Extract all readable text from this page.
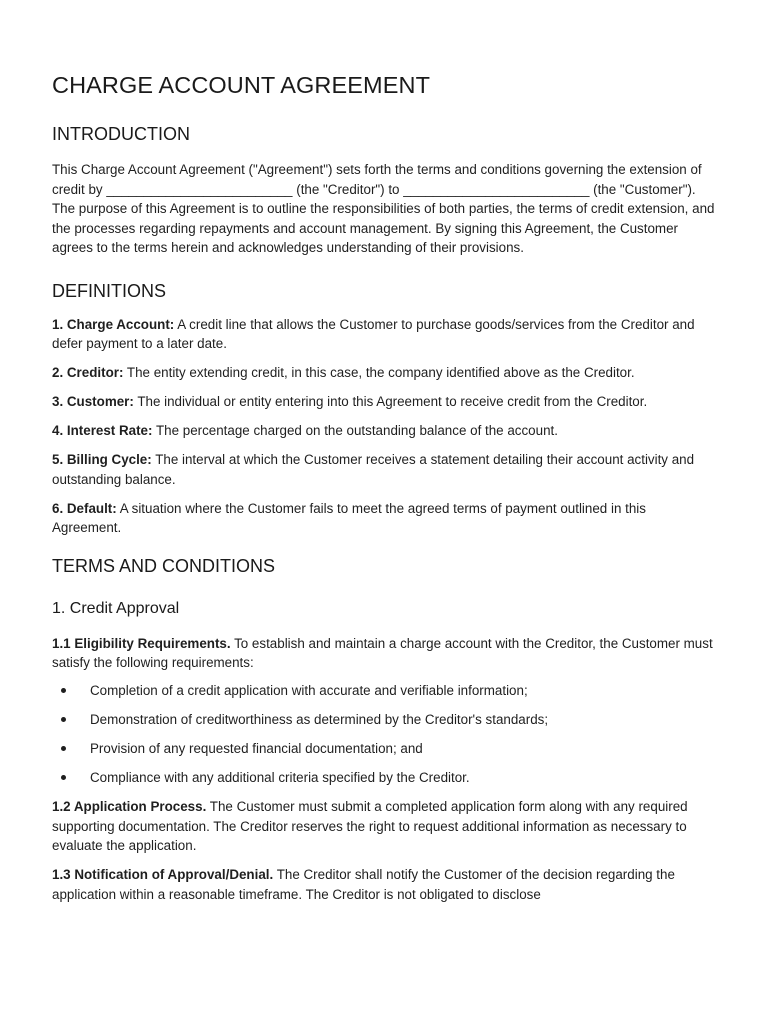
CHARGE ACCOUNT AGREEMENT
INTRODUCTION

This Charge Account Agreement ("Agreement") sets forth the terms and conditions governing the extension of credit by _________________________ (the "Creditor") to _________________________ (the "Customer"). The purpose of this Agreement is to outline the responsibilities of both parties, the terms of credit extension, and the processes regarding repayments and account management. By signing this Agreement, the Customer agrees to the terms herein and acknowledges understanding of their provisions.

DEFINITIONS

1. Charge Account: A credit line that allows the Customer to purchase goods/services from the Creditor and defer payment to a later date.

2. Creditor: The entity extending credit, in this case, the company identified above as the Creditor.

3. Customer: The individual or entity entering into this Agreement to receive credit from the Creditor.

4. Interest Rate: The percentage charged on the outstanding balance of the account.

5. Billing Cycle: The interval at which the Customer receives a statement detailing their account activity and outstanding balance.

6. Default: A situation where the Customer fails to meet the agreed terms of payment outlined in this Agreement.

TERMS AND CONDITIONS
1. Credit Approval

1.1 Eligibility Requirements. To establish and maintain a charge account with the Creditor, the Customer must satisfy the following requirements:

Completion of a credit application with accurate and verifiable information;
Demonstration of creditworthiness as determined by the Creditor's standards;
Provision of any requested financial documentation; and
Compliance with any additional criteria specified by the Creditor.

1.2 Application Process. The Customer must submit a completed application form along with any required supporting documentation. The Creditor reserves the right to request additional information as necessary to evaluate the application.

1.3 Notification of Approval/Denial. The Creditor shall notify the Customer of the decision regarding the application within a reasonable timeframe. The Creditor is not obligated to disclose
